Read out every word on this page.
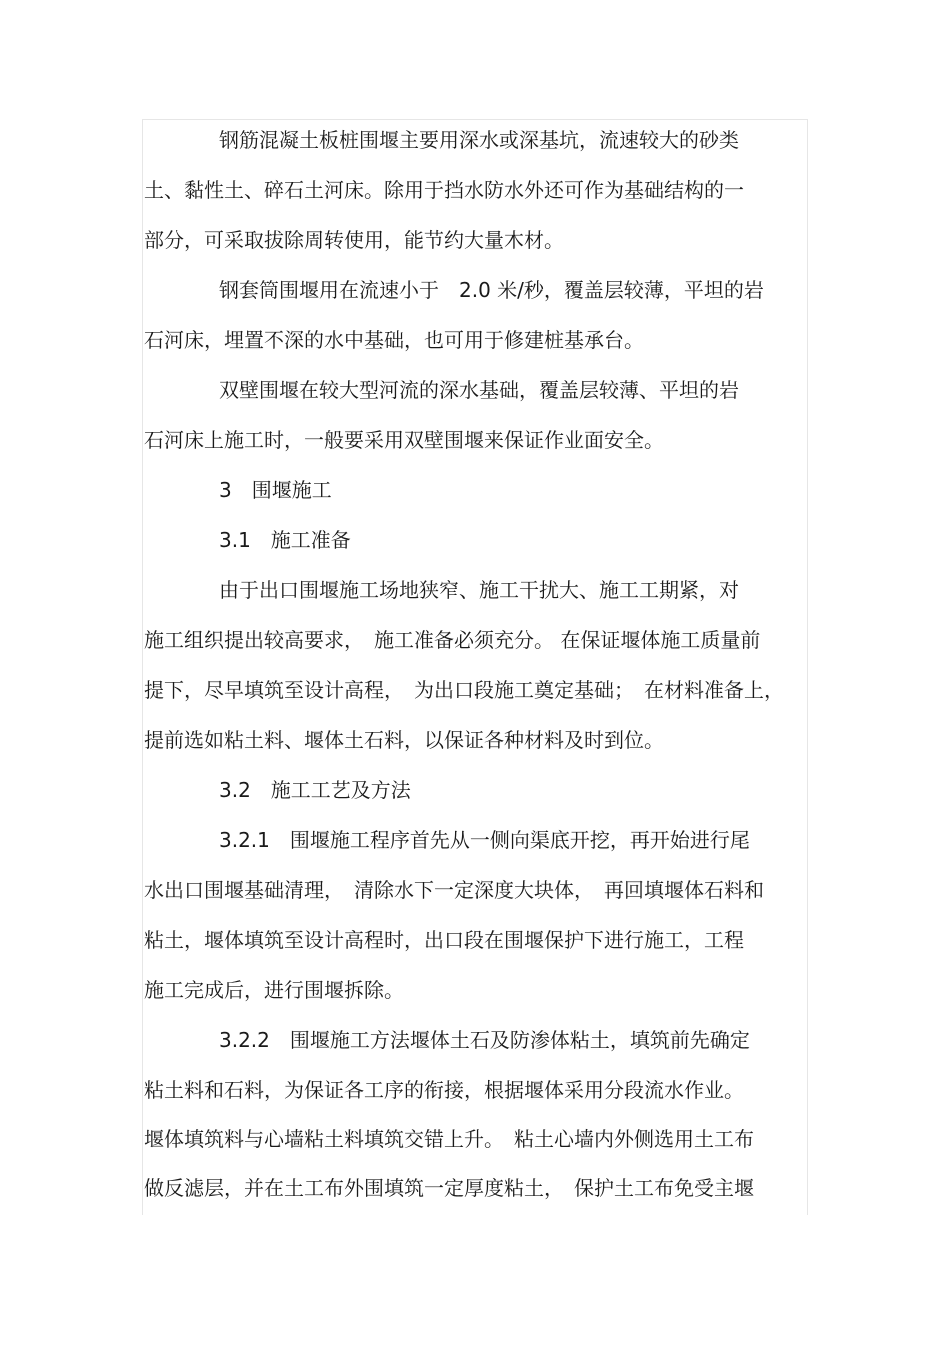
钢筋混凝土板桩围堰主要用深水或深基坑，流速较大的砂类
土、黏性土、碎石土河床。除用于挡水防水外还可作为基础结构的一
部分，可采取拔除周转使用，能节约大量木材。
钢套筒围堰用在流速小于　2.0 米/秒，覆盖层较薄，平坦的岩
石河床，埋置不深的水中基础，也可用于修建桩基承台。
双壁围堰在较大型河流的深水基础，覆盖层较薄、平坦的岩
石河床上施工时，一般要采用双壁围堰来保证作业面安全。
3　围堰施工
3.1　施工准备
由于出口围堰施工场地狭窄、施工干扰大、施工工期紧，对
施工组织提出较高要求，　施工准备必须充分。 在保证堰体施工质量前
提下，尽早填筑至设计高程，　为出口段施工奠定基础；　在材料准备上，
提前选如粘土料、堰体土石料，以保证各种材料及时到位。
3.2　施工工艺及方法
3.2.1　围堰施工程序首先从一侧向渠底开挖，再开始进行尾
水出口围堰基础清理，　清除水下一定深度大块体，　再回填堰体石料和
粘土，堰体填筑至设计高程时，出口段在围堰保护下进行施工，工程
施工完成后，进行围堰拆除。
3.2.2　围堰施工方法堰体土石及防渗体粘土，填筑前先确定
粘土料和石料，为保证各工序的衔接，根据堰体采用分段流水作业。
堰体填筑料与心墙粘土料填筑交错上升。　粘土心墙内外侧选用土工布
做反滤层，并在土工布外围填筑一定厚度粘土，　保护土工布免受主堰
